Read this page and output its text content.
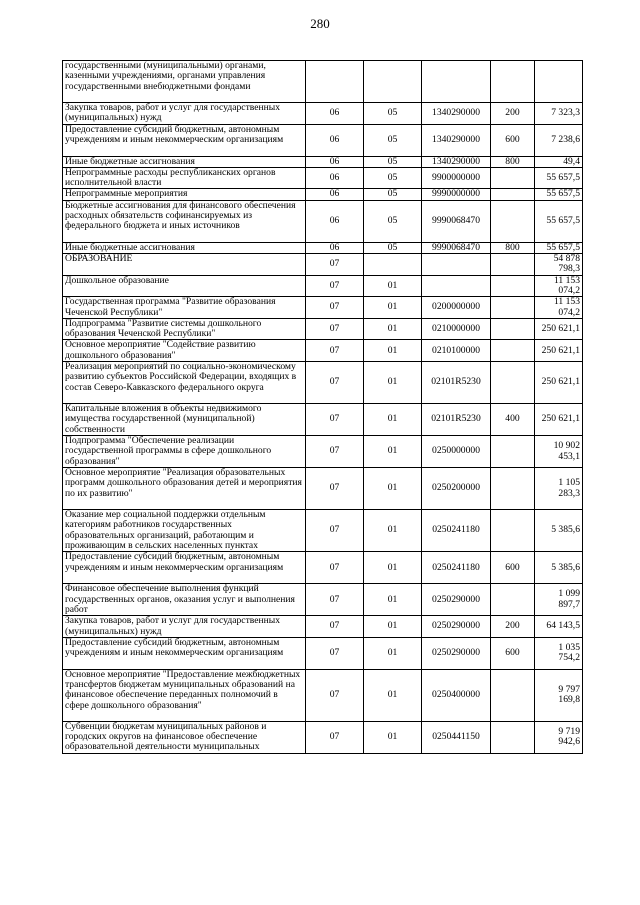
280
государственными (муниципальными) органами, казенными учреждениями, органами управления государственными внебюджетными фондами					
Закупка товаров, работ и услуг для государственных (муниципальных) нужд	06	05	1340290000	200	7 323,3
Предоставление субсидий бюджетным, автономным учреждениям и иным некоммерческим организациям	06	05	1340290000	600	7 238,6
Иные бюджетные ассигнования	06	05	1340290000	800	49,4
Непрограммные расходы республиканских органов исполнительной власти	06	05	9900000000		55 657,5
Непрограммные мероприятия	06	05	9990000000		55 657,5
Бюджетные ассигнования для финансового обеспечения расходных обязательств софинансируемых из федерального бюджета и иных источников	06	05	9990068470		55 657,5
Иные бюджетные ассигнования	06	05	9990068470	800	55 657,5
ОБРАЗОВАНИЕ	07				54 878 798,3
Дошкольное образование	07	01			11 153 074,2
Государственная программа "Развитие образования Чеченской Республики"	07	01	0200000000		11 153 074,2
Подпрограмма "Развитие системы дошкольного образования Чеченской Республики"	07	01	0210000000		250 621,1
Основное мероприятие "Содействие развитию дошкольного образования"	07	01	0210100000		250 621,1
Реализация мероприятий по социально-экономическому развитию субъектов Российской Федерации, входящих в состав Северо-Кавказского федерального округа	07	01	02101R5230		250 621,1
Капитальные вложения в объекты недвижимого имущества государственной (муниципальной) собственности	07	01	02101R5230	400	250 621,1
Подпрограмма "Обеспечение реализации государственной программы в сфере дошкольного образования"	07	01	0250000000		10 902 453,1
Основное мероприятие "Реализация образовательных программ дошкольного образования детей и мероприятия по их развитию"	07	01	0250200000		1 105 283,3
Оказание мер социальной поддержки отдельным категориям работников государственных образовательных организаций, работающим и проживающим в сельских населенных пунктах	07	01	0250241180		5 385,6
Предоставление субсидий бюджетным, автономным учреждениям и иным некоммерческим организациям	07	01	0250241180	600	5 385,6
Финансовое обеспечение выполнения функций государственных органов, оказания услуг и выполнения работ	07	01	0250290000		1 099 897,7
Закупка товаров, работ и услуг для государственных (муниципальных) нужд	07	01	0250290000	200	64 143,5
Предоставление субсидий бюджетным, автономным учреждениям и иным некоммерческим организациям	07	01	0250290000	600	1 035 754,2
Основное мероприятие "Предоставление межбюджетных трансфертов бюджетам муниципальных образований на финансовое обеспечение переданных полномочий в сфере дошкольного образования"	07	01	0250400000		9 797 169,8
Субвенции бюджетам муниципальных районов и городских округов на финансовое обеспечение образовательной деятельности муниципальных	07	01	0250441150		9 719 942,6
